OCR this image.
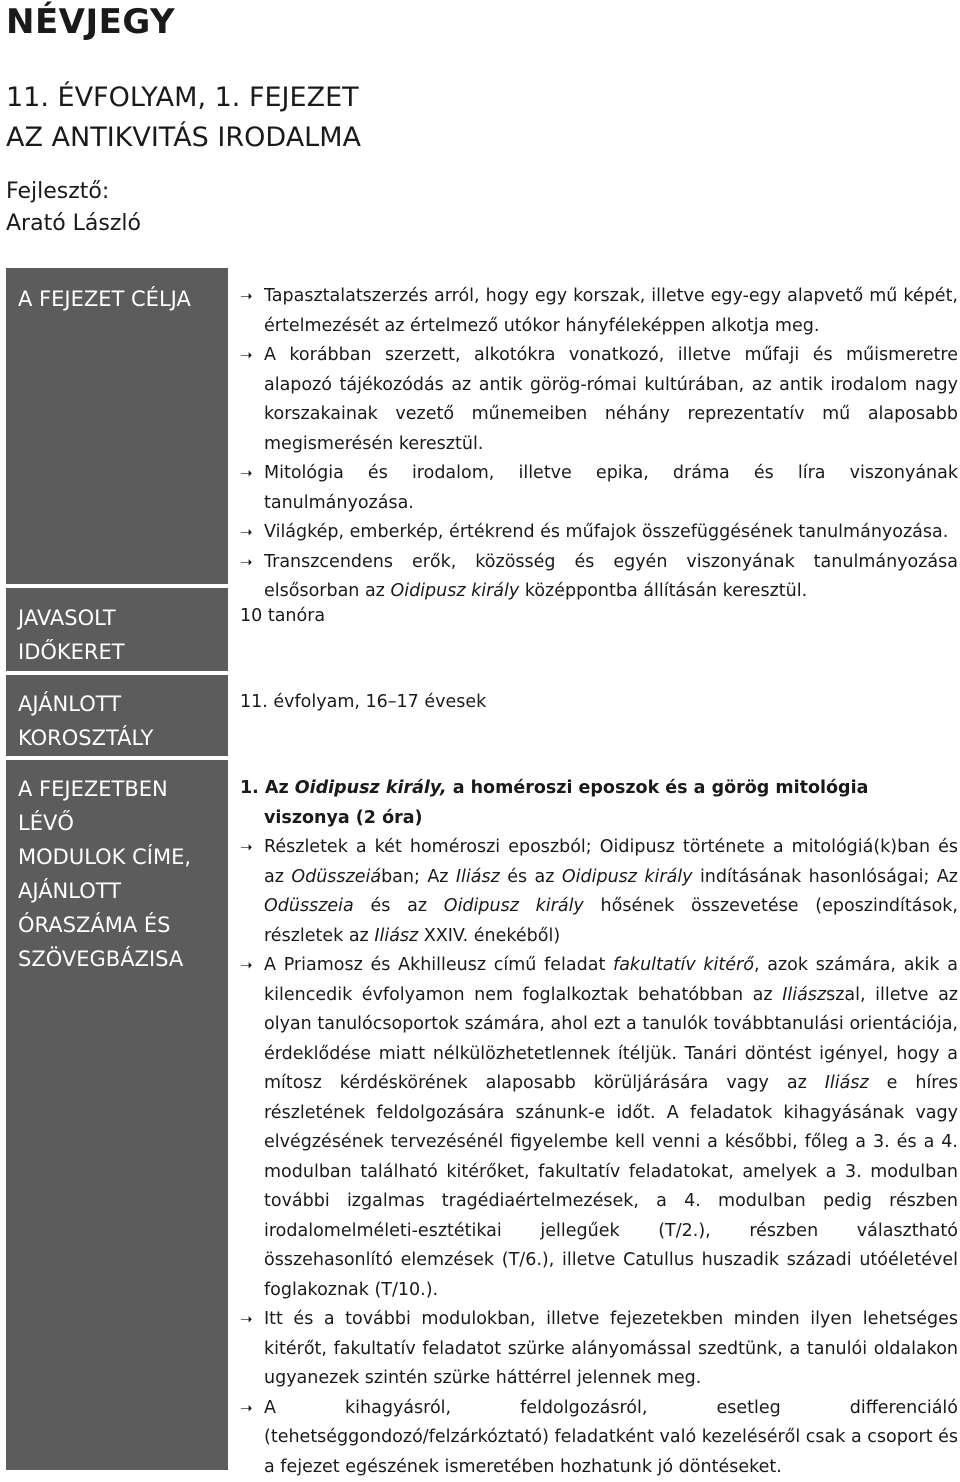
NÉVJEGY
11. ÉVFOLYAM, 1. FEJEZET
AZ ANTIKVITÁS IRODALMA

Fejlesztő:

Arató László

A FEJEZET CÉLJA
JAVASOLT
IDŐKERET
AJÁNLOTT
KOROSZTÁLY
A FEJEZETBEN LÉVŐ
MODULOK CÍME,
AJÁNLOTT
ÓRASZÁMA ÉS
SZÖVEGBÁZISA
➝ Tapasztalatszerzés arról, hogy egy korszak, illetve egy-egy alapvető mű képét, értelmezését az értelmező utókor hányféleképpen alkotja meg.
➝ A korábban szerzett, alkotókra vonatkozó, illetve műfaji és műismeretre alapozó tájékozódás az antik görög-római kultúrában, az antik irodalom nagy korszakainak vezető műnemeiben néhány reprezentatív mű alaposabb megismerésén keresztül.
➝ Mitológia és irodalom, illetve epika, dráma és líra viszonyának tanulmányozása.
➝ Világkép, emberkép, értékrend és műfajok összefüggésének tanulmányozása.
➝ Transzcendens erők, közösség és egyén viszonyának tanulmányozása elsősorban az Oidipusz király középpontba állításán keresztül.

10 tanóra

11. évfolyam, 16–17 évesek

1. Az Oidipusz király, a homéroszi eposzok és a görög mitológia viszonya (2 óra)

➝ Részletek a két homéroszi eposzból; Oidipusz története a mitológiá(k)ban és az Odüsszeiában; Az Iliász és az Oidipusz király indításának hasonlóságai; Az Odüsszeia és az Oidipusz király hősének összevetése (eposzindítások, részletek az Iliász XXIV. énekéből)
➝ A Priamosz és Akhilleusz című feladat fakultatív kitérő, azok számára, akik a kilencedik évfolyamon nem foglalkoztak behatóbban az Iliászszal, illetve az olyan tanulócsoportok számára, ahol ezt a tanulók továbbtanulási orientációja, érdeklődése miatt nélkülözhetetlennek ítéljük. Tanári döntést igényel, hogy a mítosz kérdéskörének alaposabb körüljárására vagy az Iliász e híres részletének feldolgozására szánunk-e időt. A feladatok kihagyásának vagy elvégzésének tervezésénél figyelembe kell venni a későbbi, főleg a 3. és a 4. modulban található kitérőket, fakultatív feladatokat, amelyek a 3. modulban további izgalmas tragédiaértelmezések, a 4. modulban pedig részben irodalomelméleti-esztétikai jellegűek (T/2.), részben választható összehasonlító elemzések (T/6.), illetve Catullus huszadik századi utóéletével foglakoznak (T/10.).
➝ Itt és a további modulokban, illetve fejezetekben minden ilyen lehetséges kitérőt, fakultatív feladatot szürke alányomással szedtünk, a tanulói oldalakon ugyanezek szintén szürke háttérrel jelennek meg.
➝ A kihagyásról, feldolgozásról, esetleg differenciáló (tehetséggondozó/felzárkóztató) feladatként való kezeléséről csak a csoport és a fejezet egészének ismeretében hozhatunk jó döntéseket.
